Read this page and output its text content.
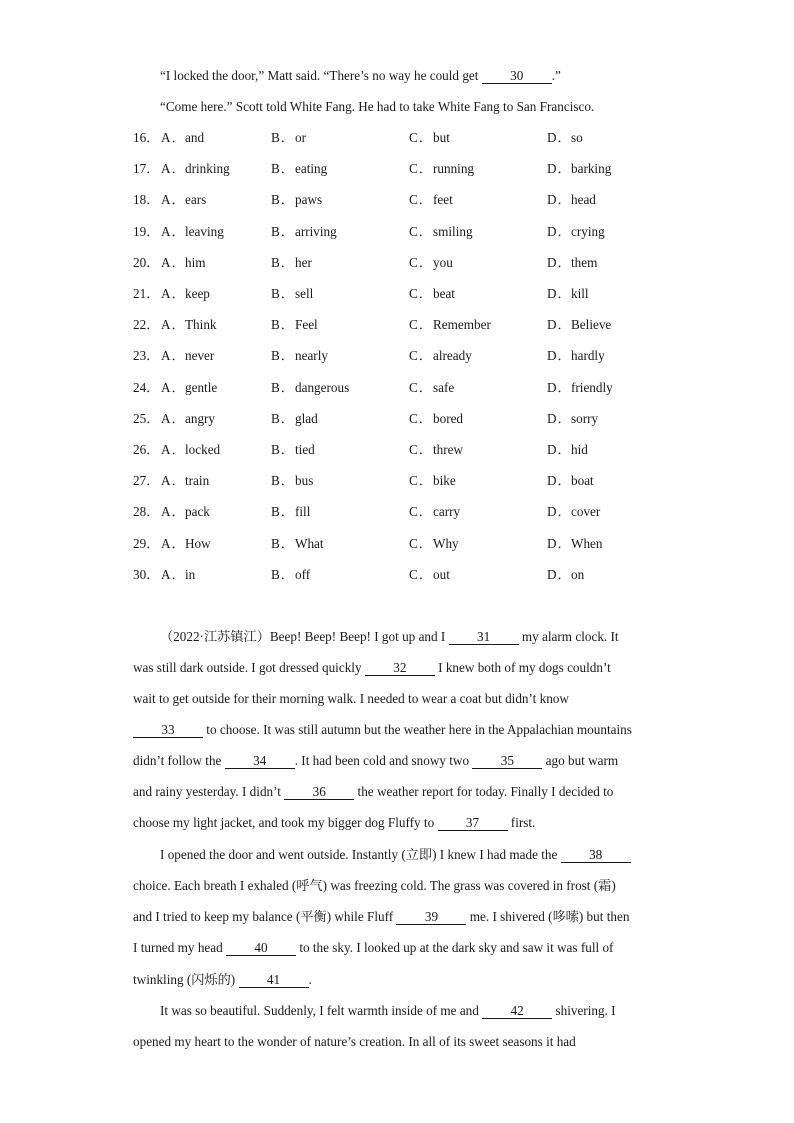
“I locked the door,” Matt said. “There’s no way he could get 30 .”
“Come here.” Scott told White Fang. He had to take White Fang to San Francisco.
16． A．and	B．or	C．but	D．so
17． A．drinking	B．eating	C．running	D．barking
18． A．ears	B．paws	C．feet	D．head
19． A．leaving	B．arriving	C．smiling	D．crying
20． A．him	B．her	C．you	D．them
21． A．keep	B．sell	C．beat	D．kill
22． A．Think	B．Feel	C．Remember	D．Believe
23． A．never	B．nearly	C．already	D．hardly
24． A．gentle	B．dangerous	C．safe	D．friendly
25． A．angry	B．glad	C．bored	D．sorry
26． A．locked	B．tied	C．threw	D．hid
27． A．train	B．bus	C．bike	D．boat
28． A．pack	B．fill	C．carry	D．cover
29． A．How	B．What	C．Why	D．When
30． A．in	B．off	C．out	D．on
（2022·江苏镇江）Beep! Beep! Beep! I got up and I 31 my alarm clock. It
was still dark outside. I got dressed quickly 32 I knew both of my dogs couldn’t
wait to get outside for their morning walk. I needed to wear a coat but didn’t know
33 to choose. It was still autumn but the weather here in the Appalachian mountains
didn’t follow the 34 . It had been cold and snowy two 35 ago but warm
and rainy yesterday. I didn’t 36 the weather report for today. Finally I decided to
choose my light jacket, and took my bigger dog Fluffy to 37 first.
I opened the door and went outside. Instantly (立即) I knew I had made the 38
choice. Each breath I exhaled (呼气) was freezing cold. The grass was covered in frost (霜)
and I tried to keep my balance (平衡) while Fluff 39 me. I shivered (哆嗦) but then
I turned my head 40 to the sky. I looked up at the dark sky and saw it was full of
twinkling (闪烁的) 41 .
It was so beautiful. Suddenly, I felt warmth inside of me and 42 shivering. I
opened my heart to the wonder of nature’s creation. In all of its sweet seasons it had
